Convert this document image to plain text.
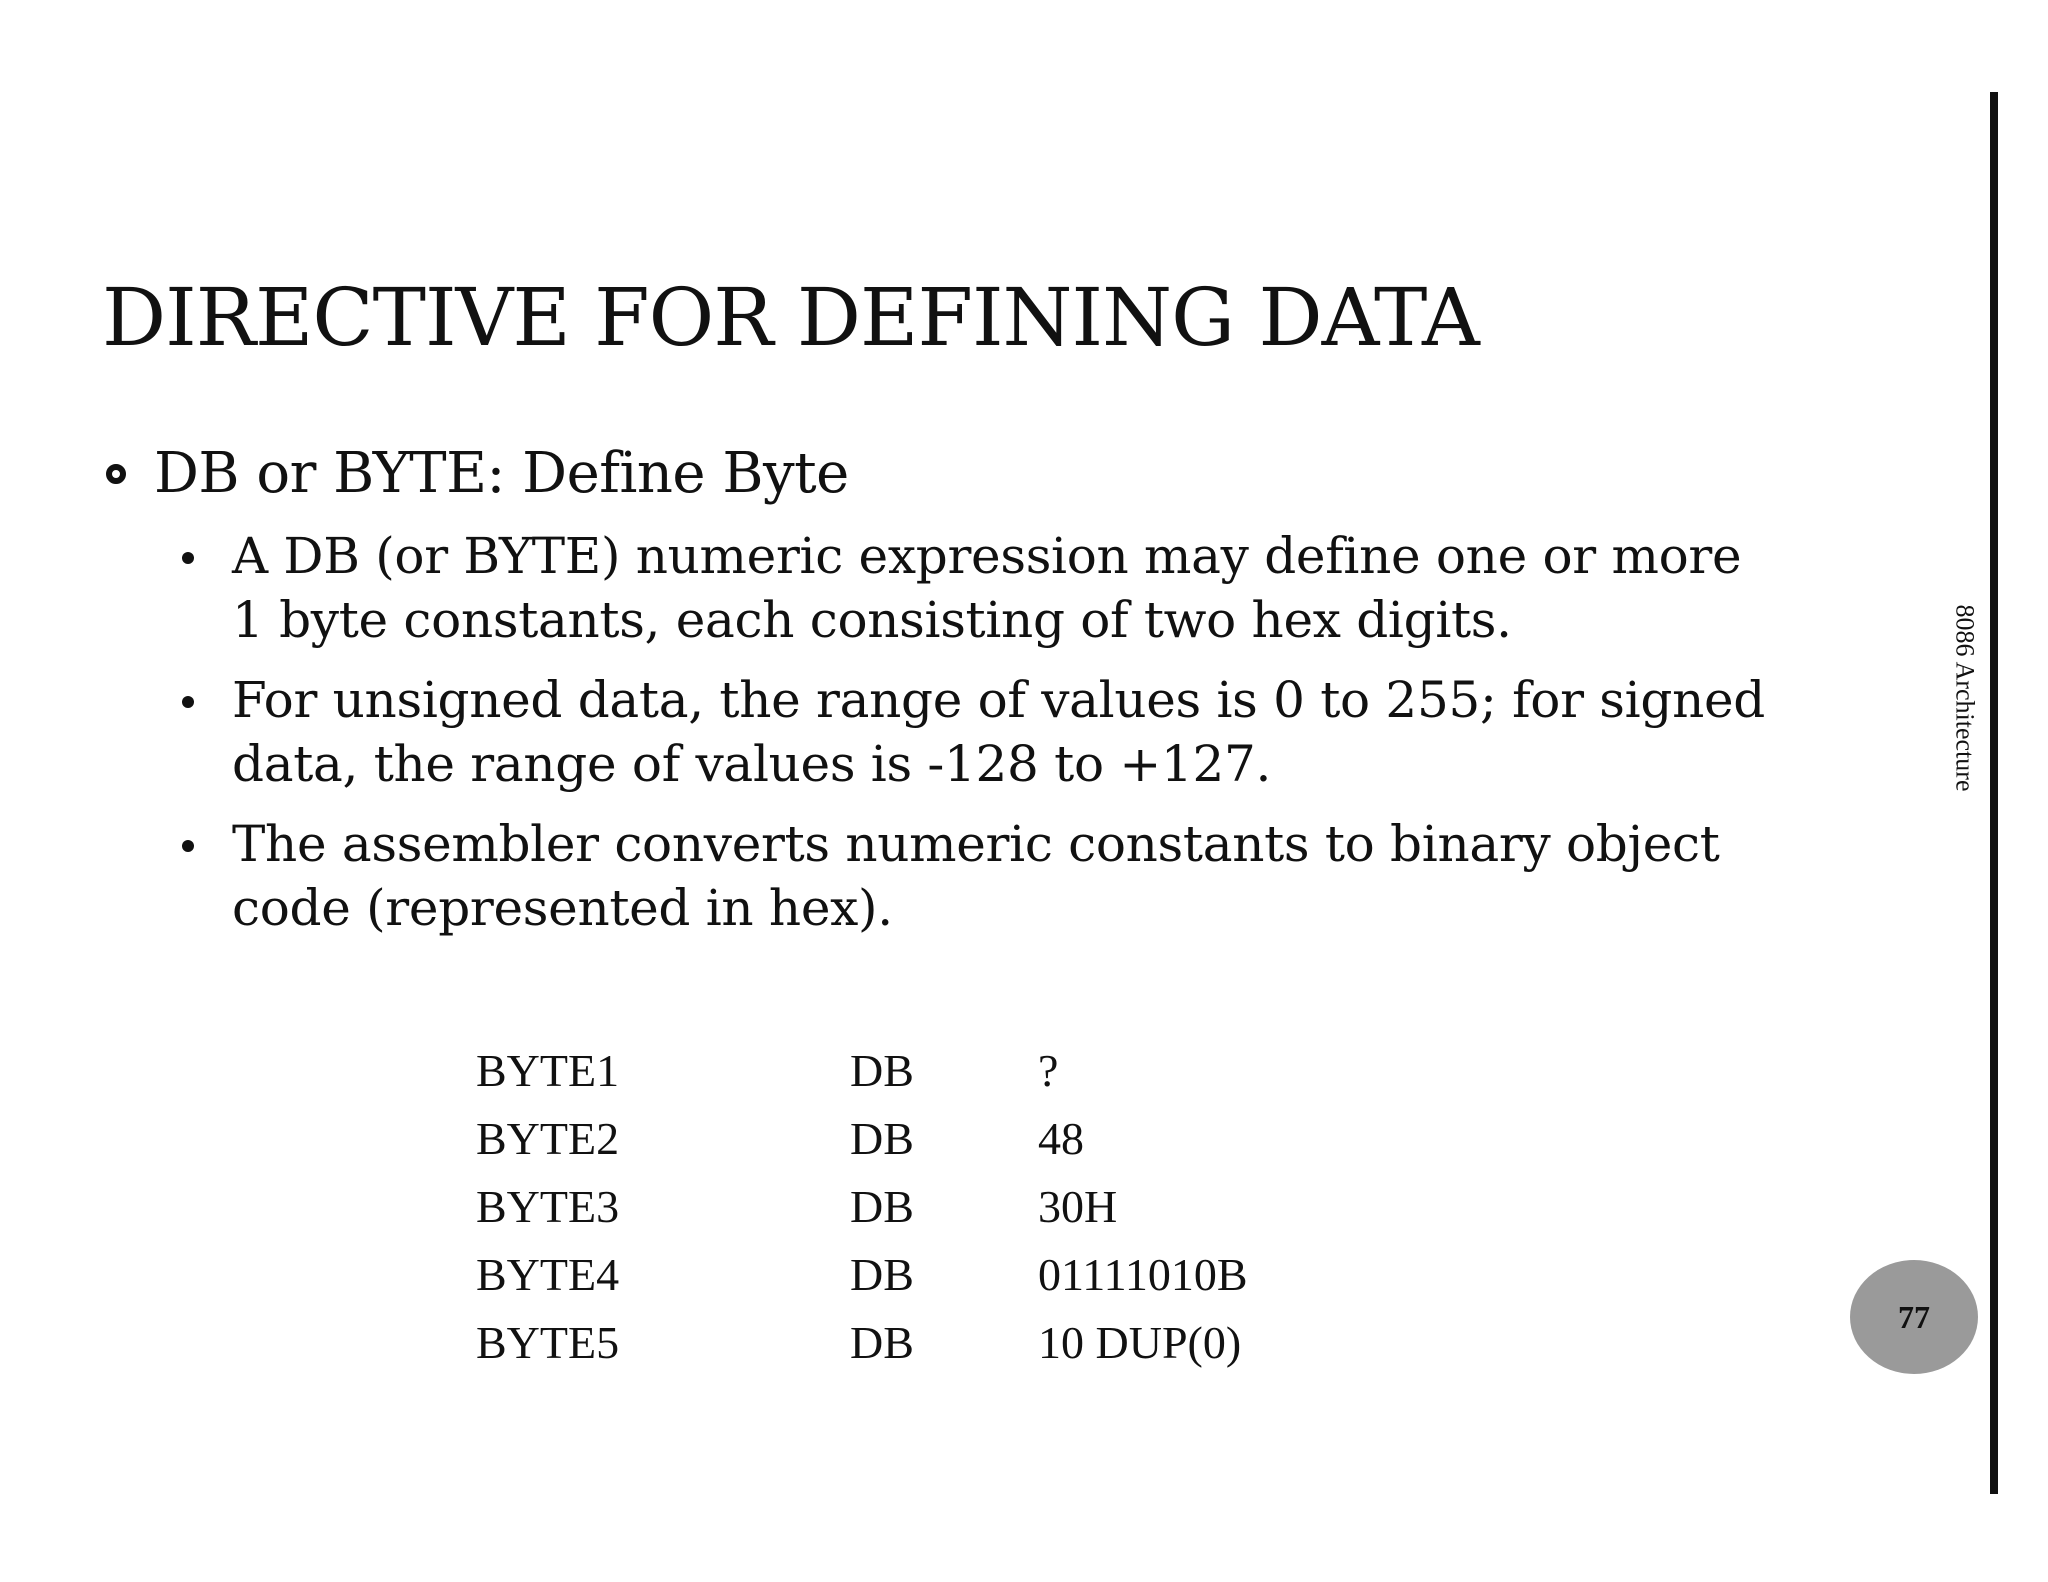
DIRECTIVE FOR DEFINING DATA
DB or BYTE: Define Byte
A DB (or BYTE) numeric expression may define one or more 1 byte constants, each consisting of two hex digits.
For unsigned data, the range of values is 0 to 255; for signed data, the range of values is -128 to +127.
The assembler converts numeric constants to binary object code (represented in hex).
BYTE1	DB	?
BYTE2	DB	48
BYTE3	DB	30H
BYTE4	DB	01111010B
BYTE5	DB	10 DUP(0)
8086 Architecture
77
